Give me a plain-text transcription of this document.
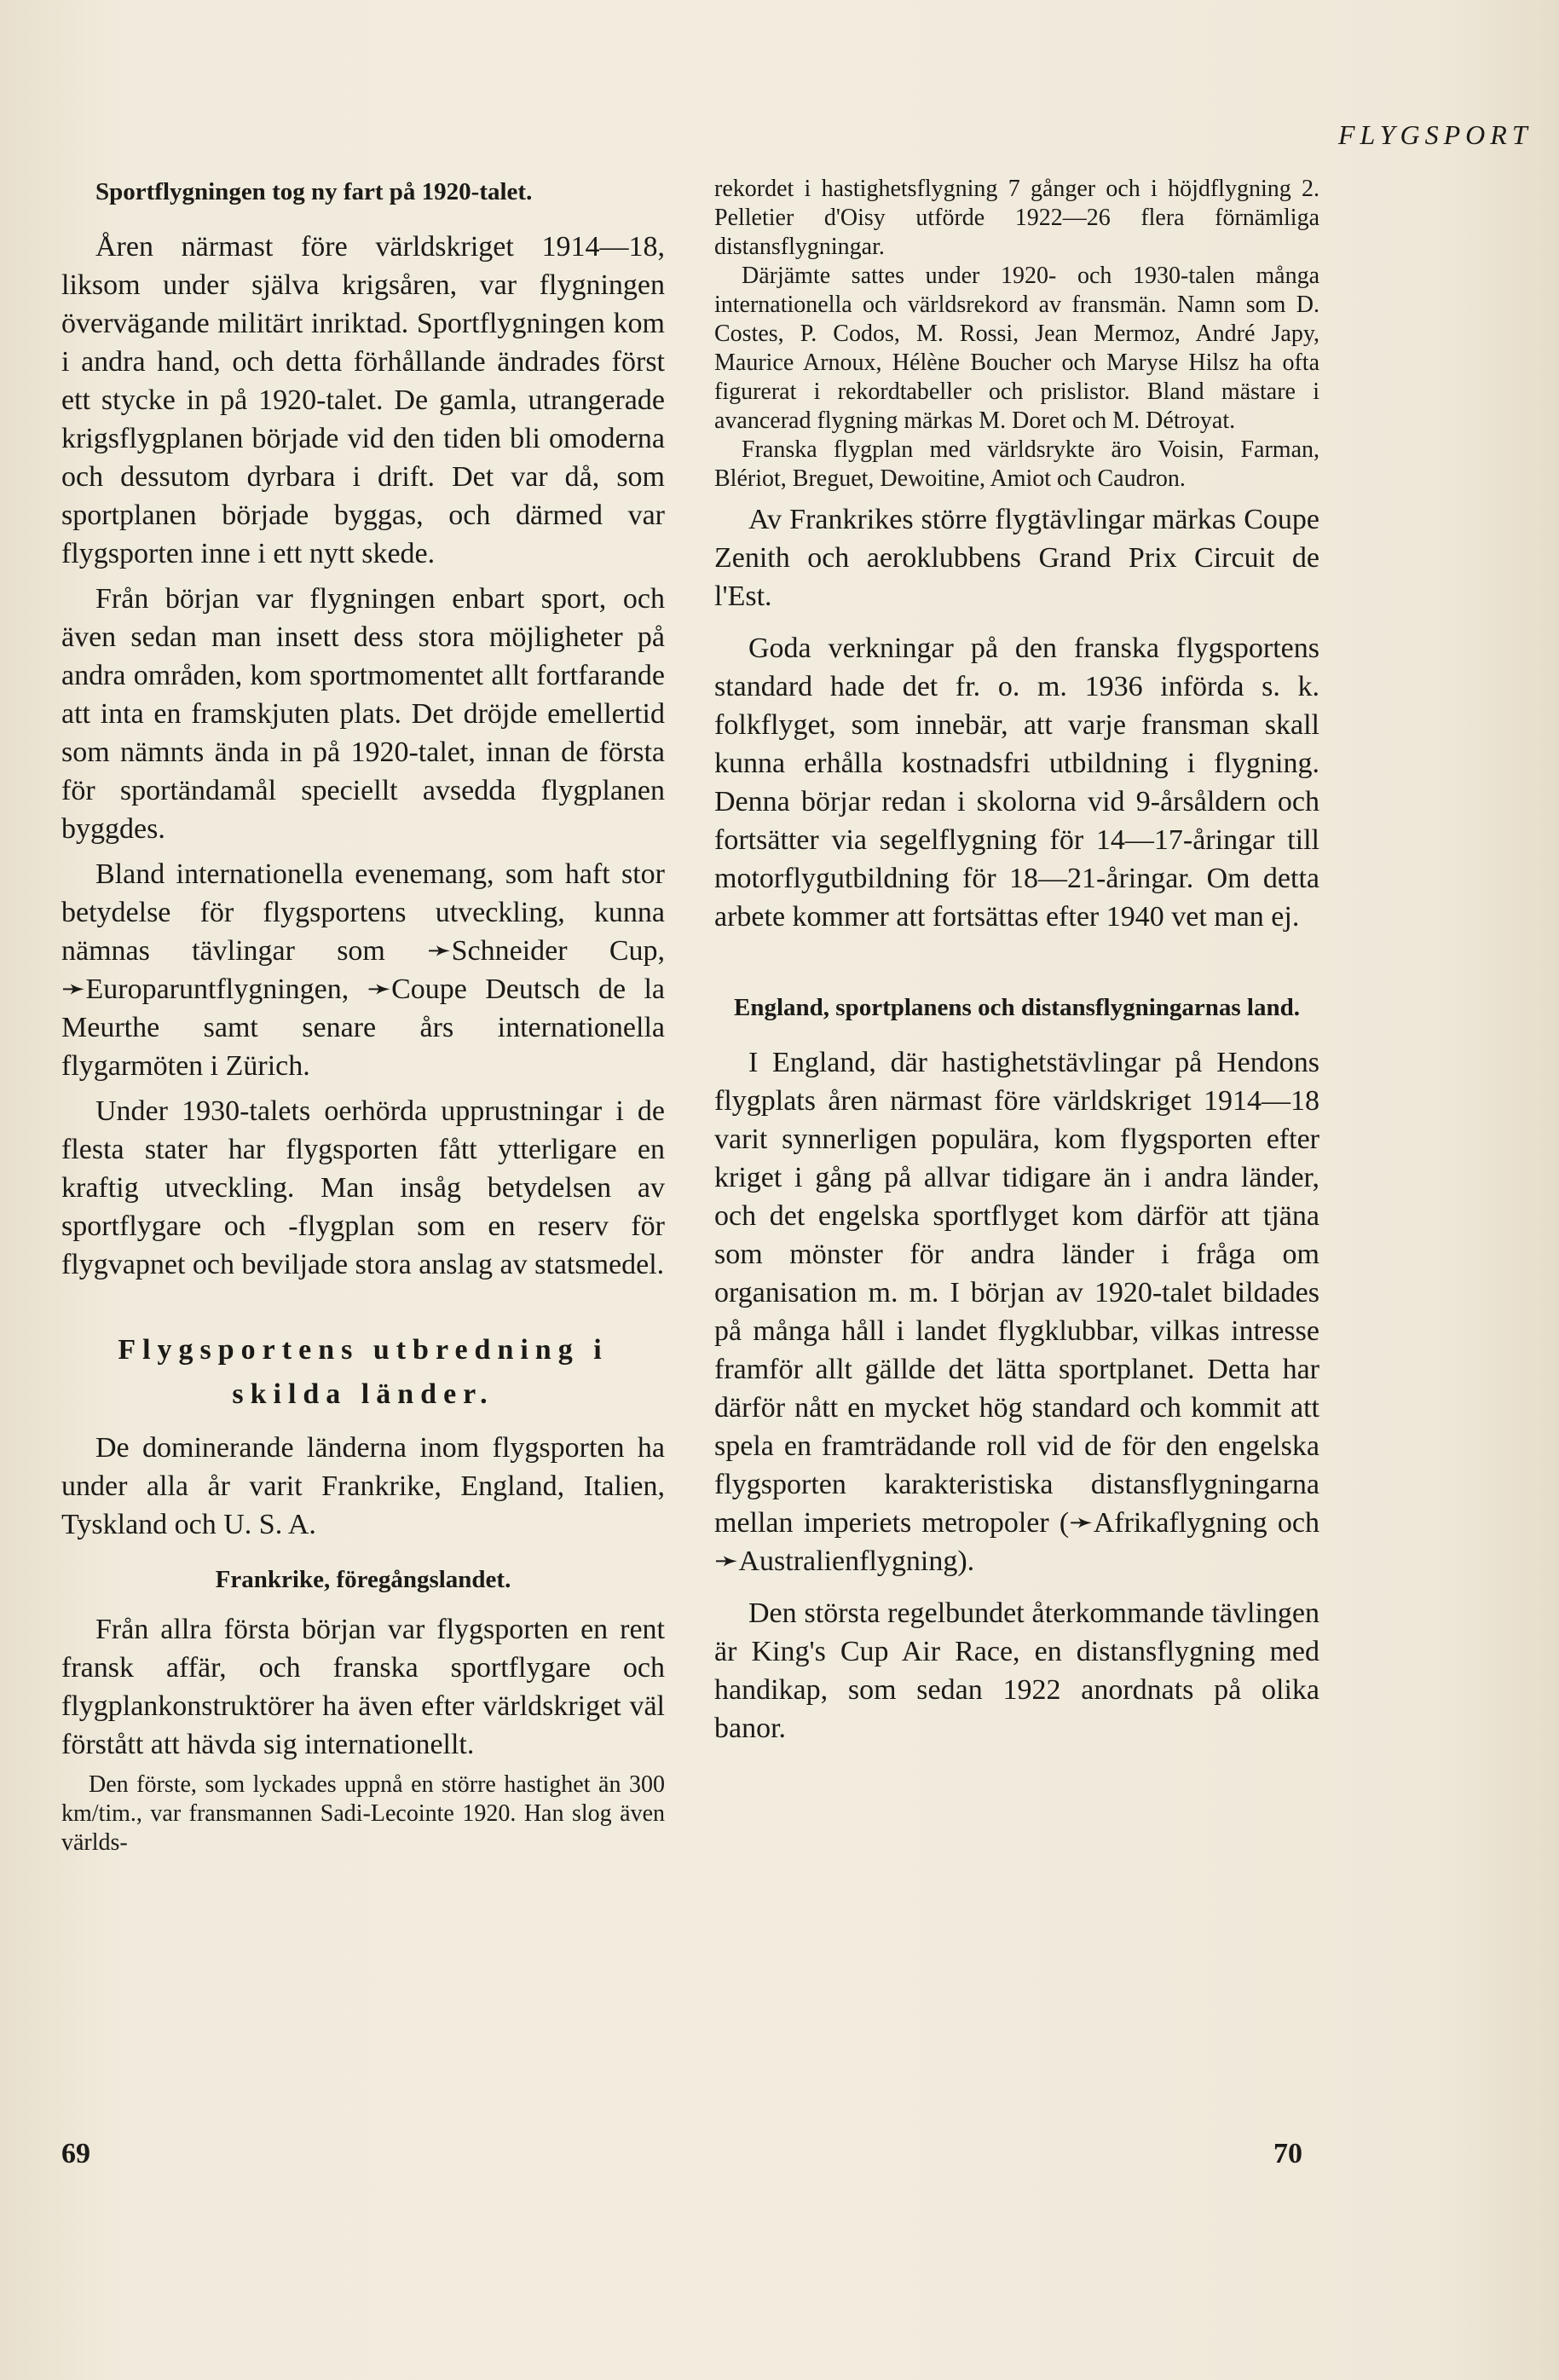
FLYGSPORT

Sportflygningen tog ny fart på 1920-talet.

Åren närmast före världskriget 1914—18, liksom under själva krigsåren, var flygningen övervägande militärt inriktad. Sportflygningen kom i andra hand, och detta förhållande ändrades först ett stycke in på 1920-talet. De gamla, utrangerade krigsflygplanen började vid den tiden bli omoderna och dessutom dyrbara i drift. Det var då, som sportplanen började byggas, och därmed var flygsporten inne i ett nytt skede.

Från början var flygningen enbart sport, och även sedan man insett dess stora möjligheter på andra områden, kom sportmomentet allt fortfarande att inta en framskjuten plats. Det dröjde emellertid som nämnts ända in på 1920-talet, innan de första för sportändamål speciellt avsedda flygplanen byggdes.

Bland internationella evenemang, som haft stor betydelse för flygsportens utveckling, kunna nämnas tävlingar som ➛Schneider Cup, ➛Europaruntflygningen, ➛Coupe Deutsch de la Meurthe samt senare års internationella flygarmöten i Zürich.

Under 1930-talets oerhörda upprustningar i de flesta stater har flygsporten fått ytterligare en kraftig utveckling. Man insåg betydelsen av sportflygare och -flygplan som en reserv för flygvapnet och beviljade stora anslag av statsmedel.

Flygsportens utbredning i skilda länder.

De dominerande länderna inom flygsporten ha under alla år varit Frankrike, England, Italien, Tyskland och U. S. A.

Frankrike, föregångslandet.

Från allra första början var flygsporten en rent fransk affär, och franska sportflygare och flygplankonstruktörer ha även efter världskriget väl förstått att hävda sig internationellt.

Den förste, som lyckades uppnå en större hastighet än 300 km/tim., var fransmannen Sadi-Lecointe 1920. Han slog även världs-

rekordet i hastighetsflygning 7 gånger och i höjdflygning 2. Pelletier d'Oisy utförde 1922—26 flera förnämliga distansflygningar.

Därjämte sattes under 1920- och 1930-talen många internationella och världsrekord av fransmän. Namn som D. Costes, P. Codos, M. Rossi, Jean Mermoz, André Japy, Maurice Arnoux, Hélène Boucher och Maryse Hilsz ha ofta figurerat i rekordtabeller och prislistor. Bland mästare i avancerad flygning märkas M. Doret och M. Détroyat.

Franska flygplan med världsrykte äro Voisin, Farman, Blériot, Breguet, Dewoitine, Amiot och Caudron.

Av Frankrikes större flygtävlingar märkas Coupe Zenith och aeroklubbens Grand Prix Circuit de l'Est.

Goda verkningar på den franska flygsportens standard hade det fr. o. m. 1936 införda s. k. folkflyget, som innebär, att varje fransman skall kunna erhålla kostnadsfri utbildning i flygning. Denna börjar redan i skolorna vid 9-årsåldern och fortsätter via segelflygning för 14—17-åringar till motorflygutbildning för 18—21-åringar. Om detta arbete kommer att fortsättas efter 1940 vet man ej.

England, sportplanens och distansflygningarnas land.

I England, där hastighetstävlingar på Hendons flygplats åren närmast före världskriget 1914—18 varit synnerligen populära, kom flygsporten efter kriget i gång på allvar tidigare än i andra länder, och det engelska sportflyget kom därför att tjäna som mönster för andra länder i fråga om organisation m. m. I början av 1920-talet bildades på många håll i landet flygklubbar, vilkas intresse framför allt gällde det lätta sportplanet. Detta har därför nått en mycket hög standard och kommit att spela en framträdande roll vid de för den engelska flygsporten karakteristiska distansflygningarna mellan imperiets metropoler (➛Afrikaflygning och ➛Australienflygning).

Den största regelbundet återkommande tävlingen är King's Cup Air Race, en distansflygning med handikap, som sedan 1922 anordnats på olika banor.

69	70
